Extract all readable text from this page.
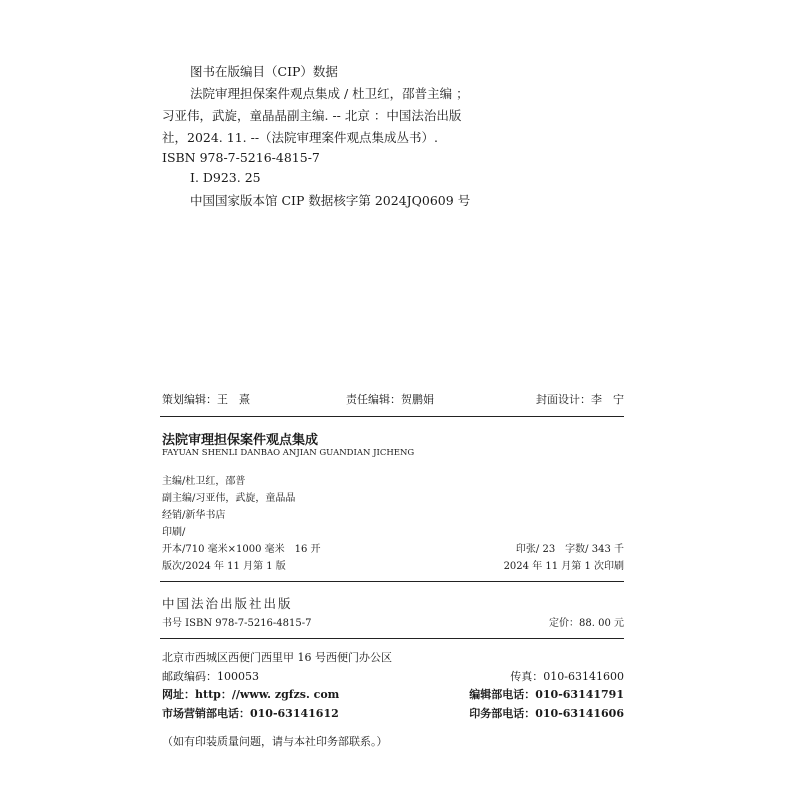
图书在版编目（CIP）数据
法院审理担保案件观点集成 / 杜卫红，邵普主编 ；
习亚伟，武旋，童晶晶副主编. -- 北京 ：中国法治出版
社，2024. 11. --（法院审理案件观点集成丛书）.
ISBN 978-7-5216-4815-7
Ⅰ. D923. 25
中国国家版本馆 CIP 数据核字第 2024JQ0609 号
策划编辑：王　熹	责任编辑：贺鹏娟	封面设计：李　宁
法院审理担保案件观点集成
FAYUAN SHENLI DANBAO ANJIAN GUANDIAN JICHENG
主编/杜卫红，邵普
副主编/习亚伟，武旋，童晶晶
经销/新华书店
印刷/
开本/710 毫米×1000 毫米　16 开	印张/ 23　字数/ 343 千
版次/2024 年 11 月第 1 版	2024 年 11 月第 1 次印刷
中国法治出版社出版
书号 ISBN 978-7-5216-4815-7	定价：88. 00 元
北京市西城区西便门西里甲 16 号西便门办公区
邮政编码：100053	传真：010-63141600
网址：http：//www. zgfzs. com	编辑部电话：010-63141791
市场营销部电话：010-63141612	印务部电话：010-63141606
（如有印装质量问题，请与本社印务部联系。）
